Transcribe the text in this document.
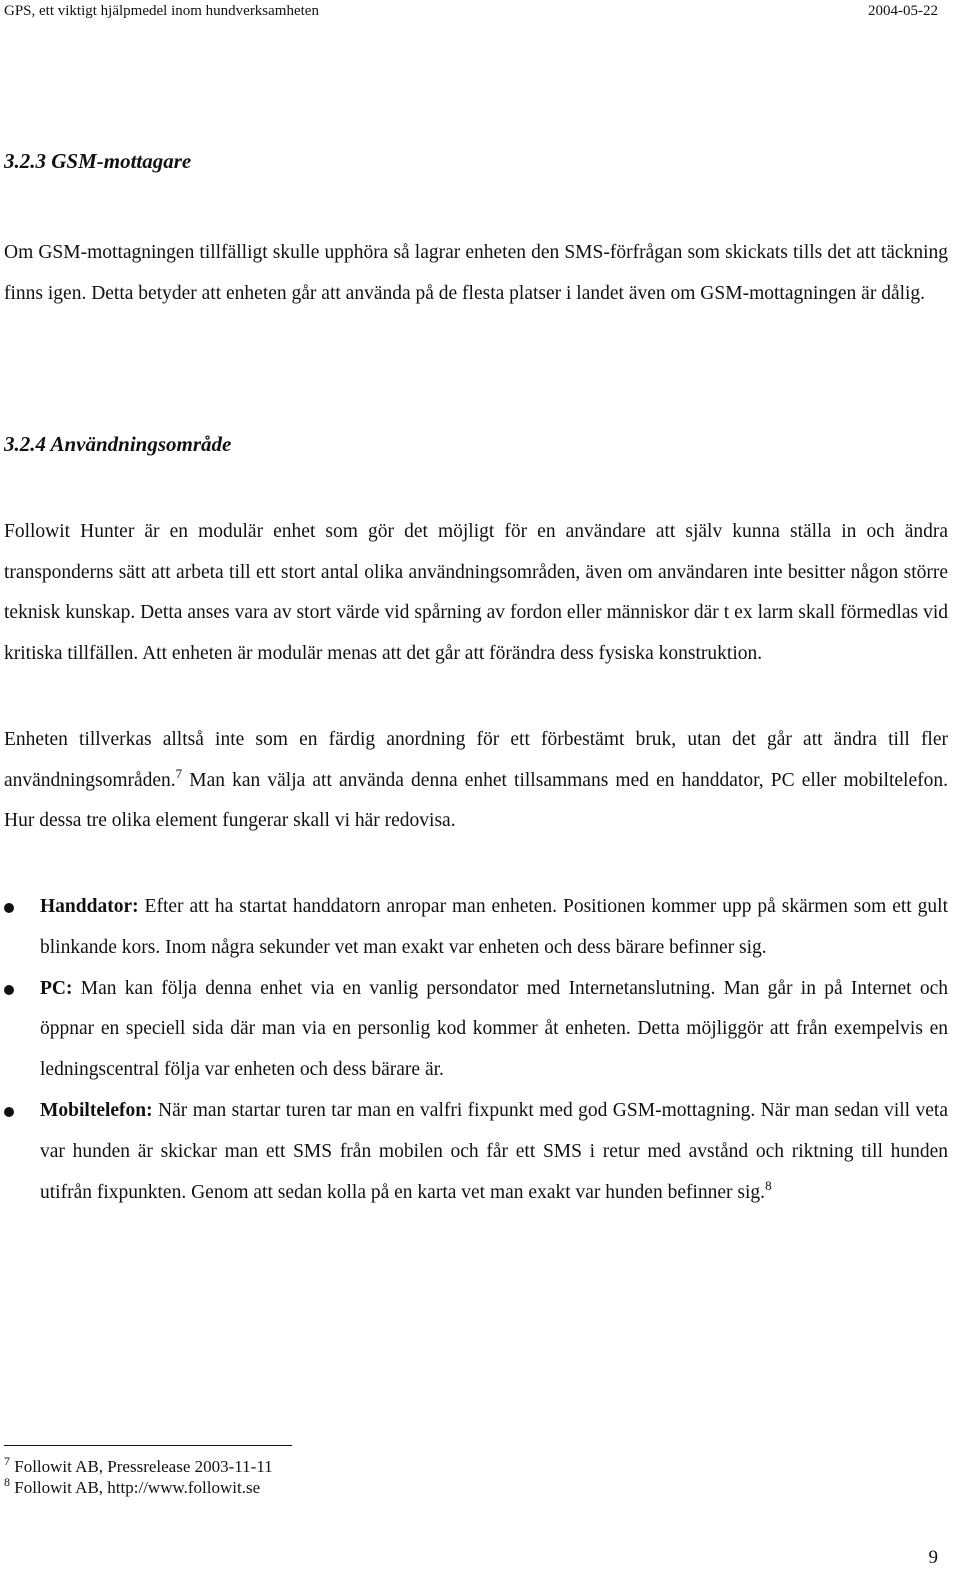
GPS, ett viktigt hjälpmedel inom hundverksamheten	2004-05-22
3.2.3 GSM-mottagare

Om GSM-mottagningen tillfälligt skulle upphöra så lagrar enheten den SMS-förfrågan som skickats tills det att täckning finns igen. Detta betyder att enheten går att använda på de flesta platser i landet även om GSM-mottagningen är dålig.

3.2.4 Användningsområde

Followit Hunter är en modulär enhet som gör det möjligt för en användare att själv kunna ställa in och ändra transponderns sätt att arbeta till ett stort antal olika användningsområden, även om användaren inte besitter någon större teknisk kunskap. Detta anses vara av stort värde vid spårning av fordon eller människor där t ex larm skall förmedlas vid kritiska tillfällen. Att enheten är modulär menas att det går att förändra dess fysiska konstruktion.

Enheten tillverkas alltså inte som en färdig anordning för ett förbestämt bruk, utan det går att ändra till fler användningsområden.$^7$ Man kan välja att använda denna enhet tillsammans med en handdator, PC eller mobiltelefon. Hur dessa tre olika element fungerar skall vi här redovisa.

Handdator: Efter att ha startat handdatorn anropar man enheten. Positionen kommer upp på skärmen som ett gult blinkande kors. Inom några sekunder vet man exakt var enheten och dess bärare befinner sig.
PC: Man kan följa denna enhet via en vanlig persondator med Internetanslutning. Man går in på Internet och öppnar en speciell sida där man via en personlig kod kommer åt enheten. Detta möjliggör att från exempelvis en ledningscentral följa var enheten och dess bärare är.
Mobiltelefon: När man startar turen tar man en valfri fixpunkt med god GSM-mottagning. När man sedan vill veta var hunden är skickar man ett SMS från mobilen och får ett SMS i retur med avstånd och riktning till hunden utifrån fixpunkten. Genom att sedan kolla på en karta vet man exakt var hunden befinner sig.$^8$
$^7$ Followit AB, Pressrelease 2003-11-11
$^8$ Followit AB, http://www.followit.se
9
